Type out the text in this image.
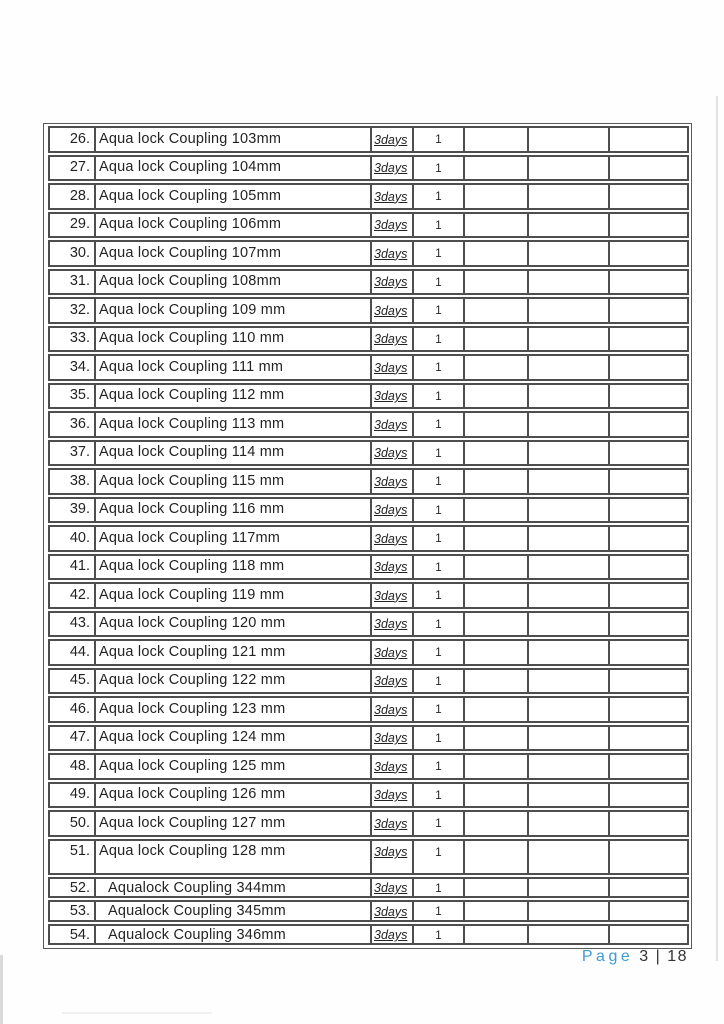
26. Aqua lock Coupling 103mm	3days	1
27. Aqua lock Coupling 104mm	3days	1
28. Aqua lock Coupling 105mm	3days	1
29. Aqua lock Coupling 106mm	3days	1
30. Aqua lock Coupling 107mm	3days	1
31. Aqua lock Coupling 108mm	3days	1
32. Aqua lock Coupling 109 mm	3days	1
33. Aqua lock Coupling 110 mm	3days	1
34. Aqua lock Coupling 111 mm	3days	1
35. Aqua lock Coupling 112 mm	3days	1
36. Aqua lock Coupling 113 mm	3days	1
37. Aqua lock Coupling 114 mm	3days	1
38. Aqua lock Coupling 115 mm	3days	1
39. Aqua lock Coupling 116 mm	3days	1
40. Aqua lock Coupling 117mm	3days	1
41. Aqua lock Coupling 118 mm	3days	1
42. Aqua lock Coupling 119 mm	3days	1
43. Aqua lock Coupling 120 mm	3days	1
44. Aqua lock Coupling 121 mm	3days	1
45. Aqua lock Coupling 122 mm	3days	1
46. Aqua lock Coupling 123 mm	3days	1
47. Aqua lock Coupling 124 mm	3days	1
48. Aqua lock Coupling 125 mm	3days	1
49. Aqua lock Coupling 126 mm	3days	1
50. Aqua lock Coupling 127 mm	3days	1
51. Aqua lock Coupling 128 mm	3days	1
52.	Aqualock Coupling 344mm	3days	1
53.	Aqualock Coupling 345mm	3days	1
54.	Aqualock Coupling 346mm	3days	1
Page 3 | 18
